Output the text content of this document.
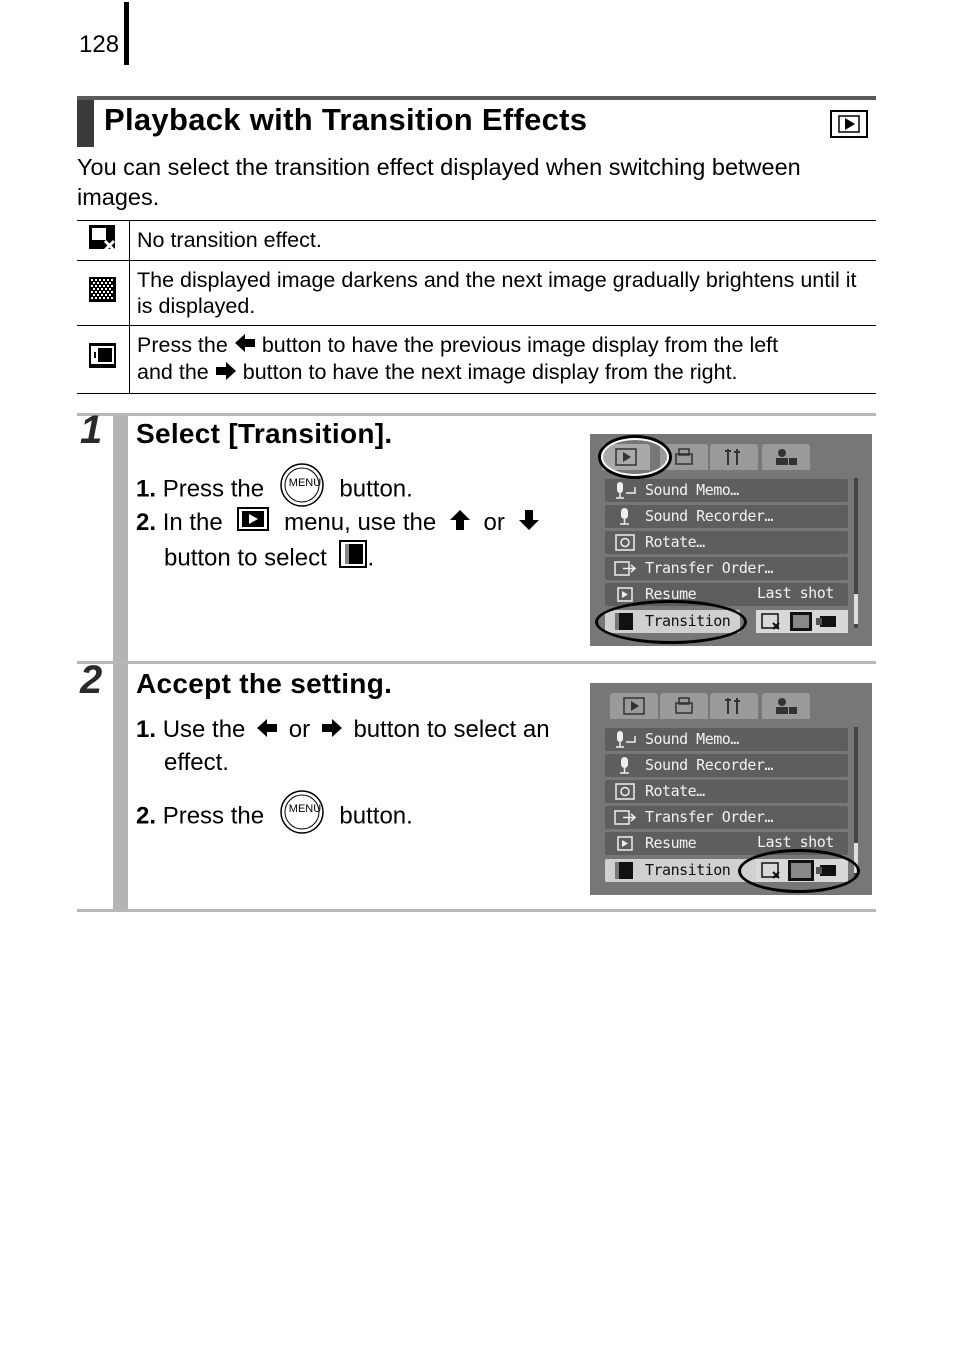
128
Playback with Transition Effects
You can select the transition effect displayed when switching between images.
	No transition effect.
	The displayed image darkens and the next image gradually brightens until it is displayed.

Press the button to have the previous image display from the left
and the button to have the next image display from the right.
1 Select [Transition].
1. Press the	button.
MENU
2. In the	menu, use the or
button to select .
Sound Memo…
Sound Recorder…
Rotate…
Transfer Order…
Resume	Last shot
Transition
2 Accept the setting.
1. Use the or button to select an
effect.
2. Press the	button.
MENU
Sound Memo…
Sound Recorder…
Rotate…
Transfer Order…
Resume	Last shot
Transition
